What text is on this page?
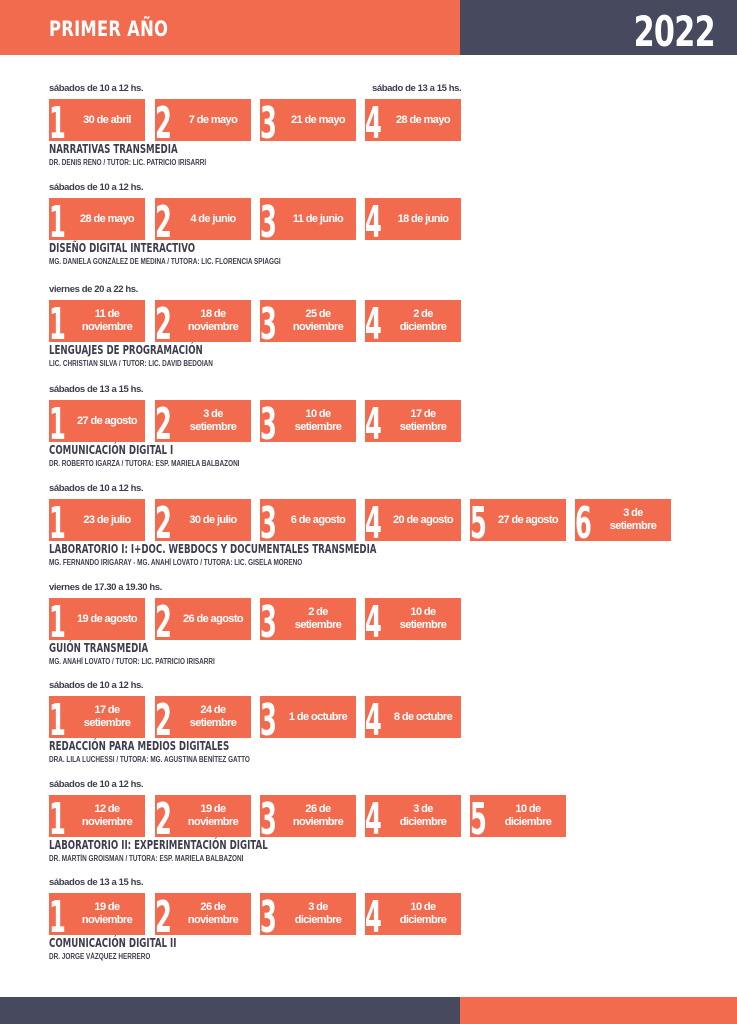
PRIMER AÑO	2022
sábados de 10 a 12 hs.	sábado de 13 a 15 hs.
1	30 de abril 2	7 de mayo 3	21 de mayo 4	28 de mayo
NARRATIVAS TRANSMEDIA
DR. DENIS RENO / TUTOR: LIC. PATRICIO IRISARRI
sábados de 10 a 12 hs.
1	28 de mayo 2	4 de junio 3	11 de junio 4	18 de junio
DISEÑO DIGITAL INTERACTIVO
MG. DANIELA GONZÁLEZ DE MEDINA / TUTORA: LIC. FLORENCIA SPIAGGI
viernes de 20 a 22 hs.
1	11 de noviembre 2	18 de noviembre 3	25 de noviembre 4	2 de diciembre
LENGUAJES DE PROGRAMACIÓN
LIC. CHRISTIAN SILVA / TUTOR: LIC. DAVID BEDOIAN
sábados de 13 a 15 hs.
1	27 de agosto 2	3 de setiembre 3	10 de setiembre 4	17 de setiembre
COMUNICACIÓN DIGITAL I
DR. ROBERTO IGARZA / TUTORA: ESP. MARIELA BALBAZONI
sábados de 10 a 12 hs.
1	23 de julio 2	30 de julio 3	6 de agosto 4	20 de agosto 5	27 de agosto 6	3 de setiembre
LABORATORIO I: I+DOC. WEBDOCS Y DOCUMENTALES TRANSMEDIA
MG. FERNANDO IRIGARAY - MG. ANAHÍ LOVATO / TUTORA: LIC. GISELA MORENO
viernes de 17.30 a 19.30 hs.
1	19 de agosto 2	26 de agosto 3	2 de setiembre 4	10 de setiembre
GUIÓN TRANSMEDIA
MG. ANAHÍ LOVATO / TUTOR: LIC. PATRICIO IRISARRI
sábados de 10 a 12 hs.
1	17 de setiembre 2	24 de setiembre 3	1 de octubre 4	8 de octubre
REDACCIÓN PARA MEDIOS DIGITALES
DRA. LILA LUCHESSI / TUTORA: MG. AGUSTINA BENÍTEZ GATTO
sábados de 10 a 12 hs.
1	12 de noviembre 2	19 de noviembre 3	26 de noviembre 4	3 de diciembre 5	10 de diciembre
LABORATORIO II: EXPERIMENTACIÓN DIGITAL
DR. MARTÍN GROISMAN / TUTORA: ESP. MARIELA BALBAZONI
sábados de 13 a 15 hs.
1	19 de noviembre 2	26 de noviembre 3	3 de diciembre 4	10 de diciembre
COMUNICACIÓN DIGITAL II
DR. JORGE VÁZQUEZ HERRERO
